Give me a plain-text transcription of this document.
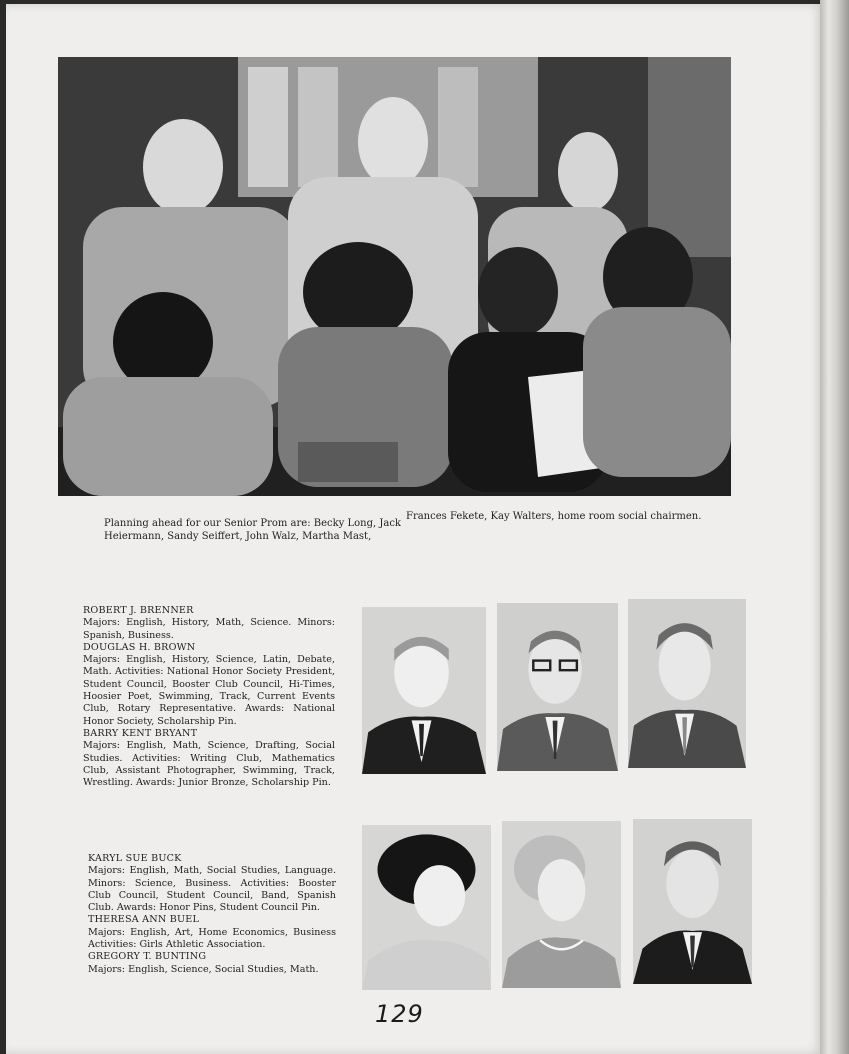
Planning ahead for our Senior Prom are: Becky Long, Jack Heiermann, Sandy Seiffert, John Walz, Martha Mast,
Frances Fekete, Kay Walters, home room social chairmen.
ROBERT J. BRENNER
Majors: English, History, Math, Science. Minors: Spanish, Business.
DOUGLAS H. BROWN
Majors: English, History, Science, Latin, Debate, Math. Activities: National Honor Society President, Student Council, Booster Club Council, Hi-Times, Hoosier Poet, Swimming, Track, Current Events Club, Rotary Representative. Awards: National Honor Society, Scholarship Pin.
BARRY KENT BRYANT
Majors: English, Math, Science, Drafting, Social Studies. Activities: Writing Club, Mathematics Club, Assistant Photographer, Swimming, Track, Wrestling. Awards: Junior Bronze, Scholarship Pin.
KARYL SUE BUCK
Majors: English, Math, Social Studies, Language. Minors: Science, Business. Activities: Booster Club Council, Student Council, Band, Spanish Club. Awards: Honor Pins, Student Council Pin.
THERESA ANN BUEL
Majors: English, Art, Home Economics, Business Activities: Girls Athletic Association.
GREGORY T. BUNTING
Majors: English, Science, Social Studies, Math.
129
